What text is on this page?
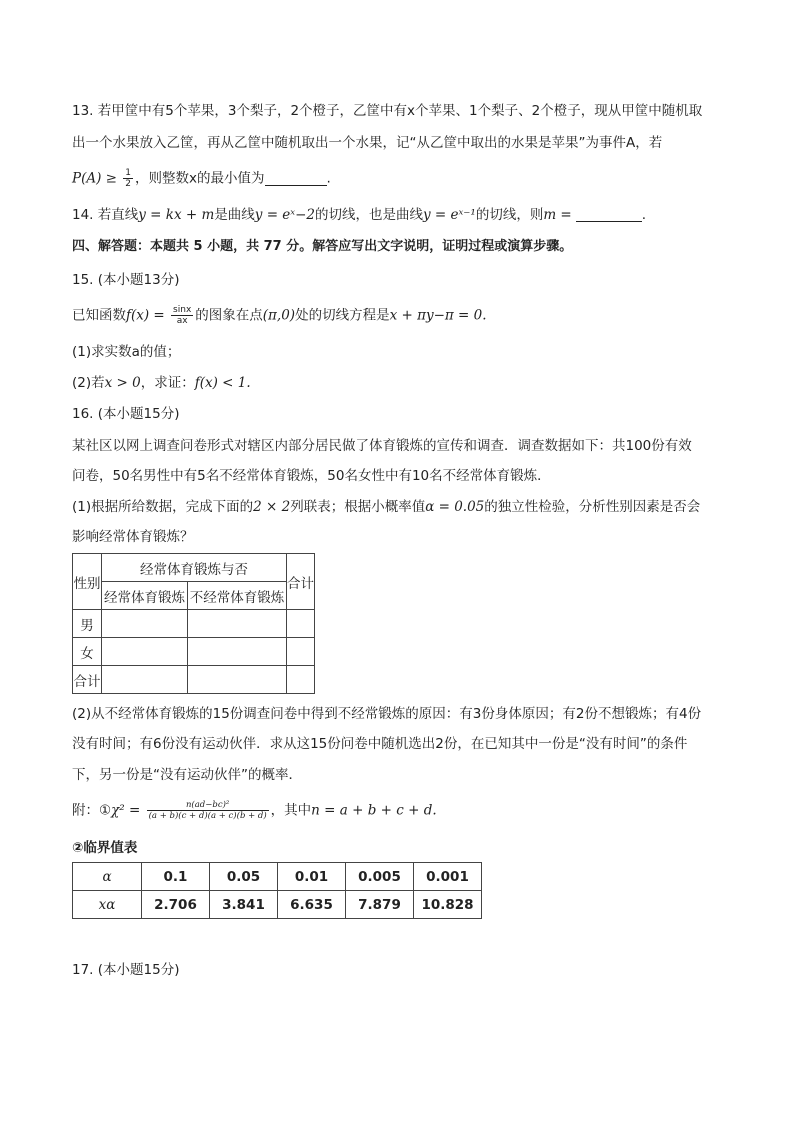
13. 若甲筐中有5个苹果，3个梨子，2个橙子，乙筐中有x个苹果、1个梨子、2个橙子，现从甲筐中随机取
出一个水果放入乙筐，再从乙筐中随机取出一个水果，记“从乙筐中取出的水果是苹果”为事件A，若
$P(A) \ge \frac{1}{2}$ ，则整数x的最小值为	.
14. 若直线y = kx + m是曲线y = eˣ−2的切线，也是曲线y = eˣ⁻¹的切线，则m =	.
四、解答题：本题共 5 小题，共 77 分。解答应写出文字说明，证明过程或演算步骤。
15. (本小题13分)
已知函数$f(x) = \frac{\sin x}{ax}$ 的图象在点(π,0)处的切线方程是x + πy−π = 0.
(1)求实数a的值；
(2)若x > 0，求证：f(x) < 1.
16. (本小题15分)
某社区以网上调查问卷形式对辖区内部分居民做了体育锻炼的宣传和调查．调查数据如下：共100份有效
问卷，50名男性中有5名不经常体育锻炼，50名女性中有10名不经常体育锻炼．
(1)根据所给数据，完成下面的2 × 2列联表；根据小概率值α = 0.05的独立性检验，分析性别因素是否会
影响经常体育锻炼？
性别	经常体育锻炼与否		合计
	经常体育锻炼	不经常体育锻炼	
男			
女			
合计			
(2)从不经常体育锻炼的15份调查问卷中得到不经常锻炼的原因：有3份身体原因；有2份不想锻炼；有4份
没有时间；有6份没有运动伙伴．求从这15份问卷中随机选出2份，在已知其中一份是“没有时间”的条件
下，另一份是“没有运动伙伴”的概率．
附：①χ² = $\frac{\text{n(ad−bc)²}}{(a + b)(c + d)(a + c)(b + d)}$ ，其中n = a + b + c + d.
②临界值表
α	0.1	0.05	0.01	0.005	0.001
xα	2.706	3.841	6.635	7.879	10.828
17. (本小题15分)
